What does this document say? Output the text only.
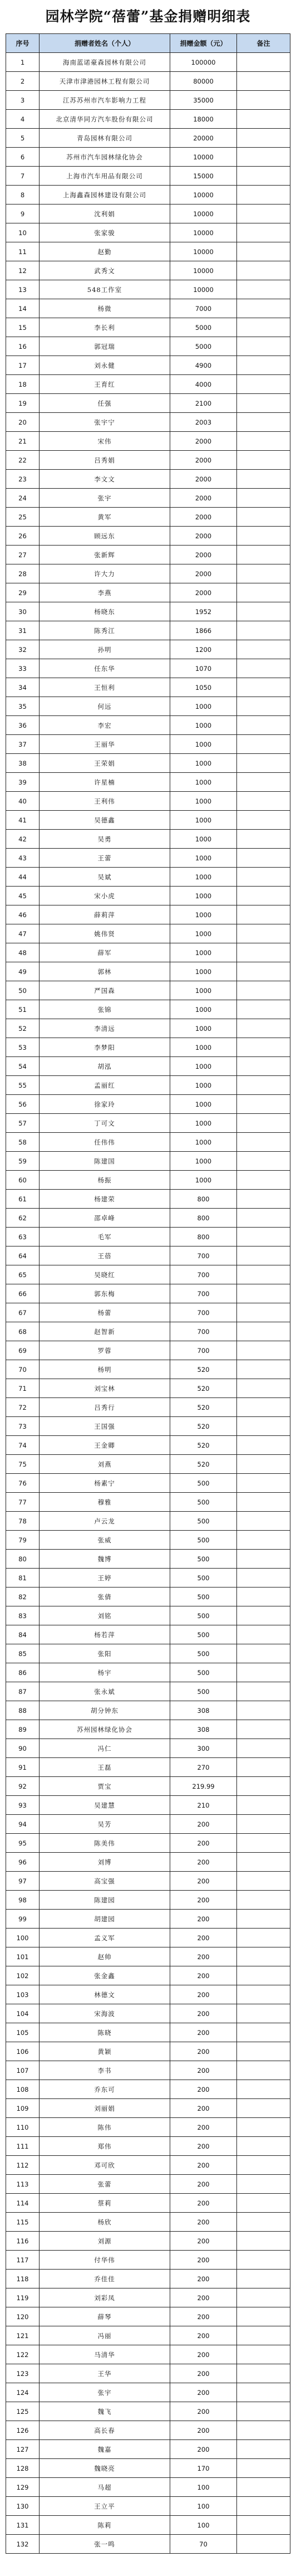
园林学院“蓓蕾”基金捐赠明细表
序号	捐赠者姓名（个人）	捐赠金额（元）	备注
1	海南蓝诺豪森园林有限公司	100000	
2	天津市津港园林工程有限公司	80000	
3	江苏苏州市汽车影响力工程	35000	
4	北京清华同方汽车股份有限公司	18000	
5	青岛园林有限公司	20000	
6	苏州市汽车园林绿化协会	10000	
7	上海市汽车用品有限公司	15000	
8	上海鑫森园林建设有限公司	10000	
9	沈利娟	10000	
10	张家骏	10000	
11	赵勤	10000	
12	武秀文	10000	
13	548工作室	10000	
14	杨微	7000	
15	李长利	5000	
16	郭冠瑞	5000	
17	刘永健	4900	
18	王育红	4000	
19	任强	2100	
20	张宇宁	2003	
21	宋伟	2000	
22	吕秀娟	2000	
23	李文文	2000	
24	张宇	2000	
25	黄军	2000	
26	顾远东	2000	
27	张新辉	2000	
28	许大力	2000	
29	李燕	2000	
30	杨晓东	1952	
31	陈秀江	1866	
32	孙明	1200	
33	任东华	1070	
34	王恒利	1050	
35	何远	1000	
36	李宏	1000	
37	王丽华	1000	
38	王荣娟	1000	
39	许星楠	1000	
40	王利伟	1000	
41	吴德鑫	1000	
42	吴勇	1000	
43	王蕾	1000	
44	吴斌	1000	
45	宋小虎	1000	
46	薛莉萍	1000	
47	姚伟贤	1000	
48	薛军	1000	
49	郭林	1000	
50	严国森	1000	
51	张锦	1000	
52	李清远	1000	
53	李梦阳	1000	
54	胡泓	1000	
55	孟丽红	1000	
56	徐家玲	1000	
57	丁可文	1000	
58	任伟伟	1000	
59	陈建国	1000	
60	杨振	1000	
61	杨建荣	800	
62	邵卓峰	800	
63	毛军	800	
64	王蓓	700	
65	吴晓红	700	
66	郭东梅	700	
67	杨蕾	700	
68	赵智新	700	
69	罗蓉	700	
70	杨明	520	
71	刘宝林	520	
72	吕秀行	520	
73	王国强	520	
74	王金卿	520	
75	刘燕	520	
76	杨素宁	500	
77	穆雅	500	
78	卢云龙	500	
79	张威	500	
80	魏博	500	
81	王婷	500	
82	张倩	500	
83	刘铭	500	
84	杨若萍	500	
85	张阳	500	
86	杨宇	500	
87	张永斌	500	
88	胡分钟东	308	
89	苏州园林绿化协会	308	
90	冯仁	300	
91	王磊	270	
92	贾宝	219.99	
93	吴建慧	210	
94	吴芳	200	
95	陈美伟	200	
96	刘博	200	
97	高宝强	200	
98	陈建园	200	
99	胡建园	200	
100	孟义军	200	
101	赵帅	200	
102	张金鑫	200	
103	林德文	200	
104	宋海波	200	
105	陈晓	200	
106	黄颖	200	
107	李书	200	
108	乔东可	200	
109	刘丽娟	200	
110	陈伟	200	
111	郑伟	200	
112	邓可欣	200	
113	张蕾	200	
114	蔡莉	200	
115	杨欣	200	
116	刘源	200	
117	付华伟	200	
118	乔佳佳	200	
119	刘彩凤	200	
120	薛琴	200	
121	冯丽	200	
122	马清华	200	
123	王华	200	
124	张宇	200	
125	魏飞	200	
126	高长春	200	
127	魏嘉	200	
128	魏晓亮	170	
129	马超	100	
130	王立平	100	
131	陈莉	100	
132	张一鸣	70	
